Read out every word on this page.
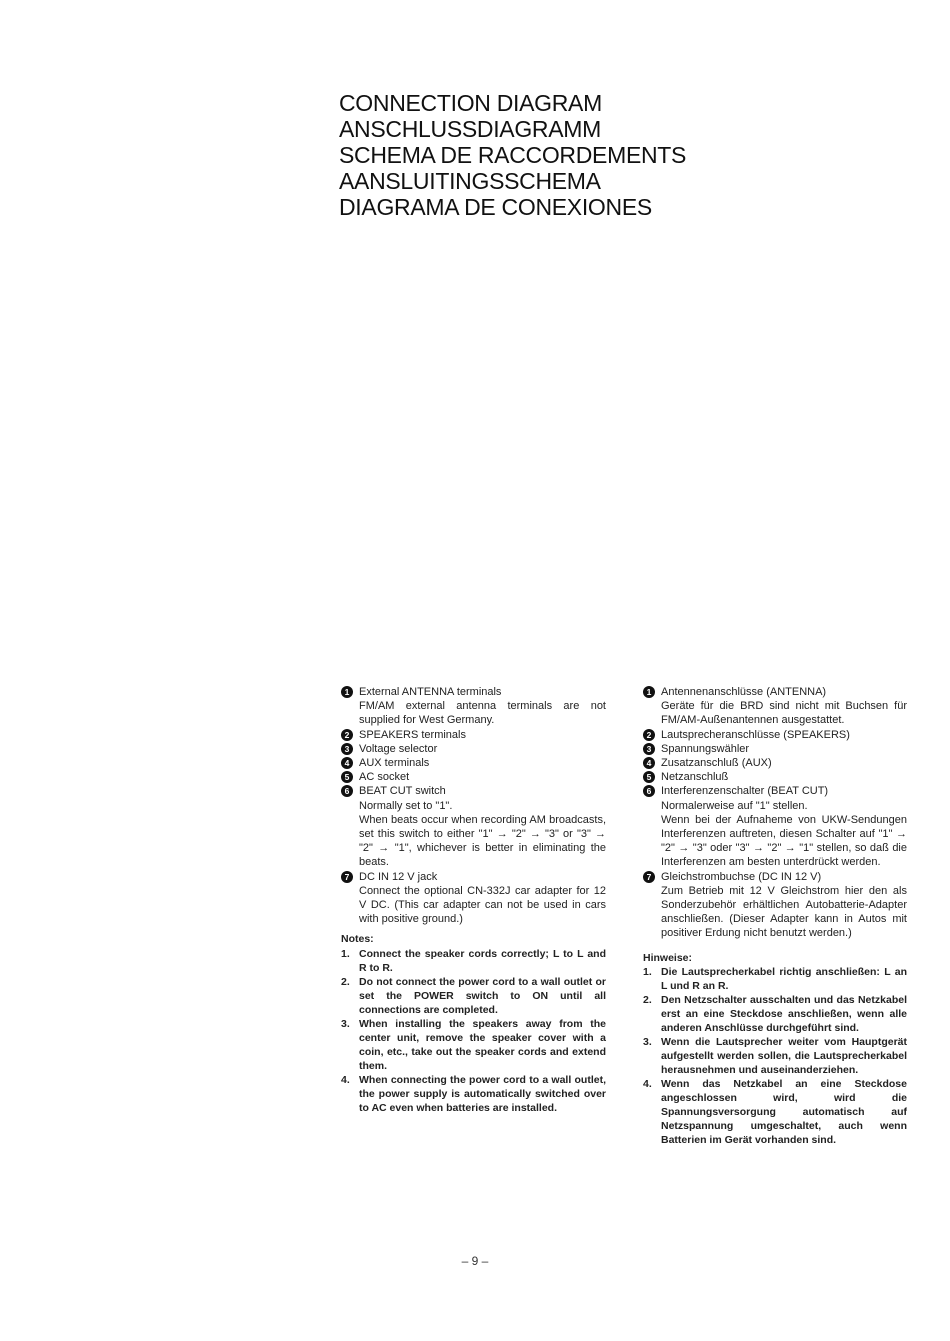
CONNECTION DIAGRAM
ANSCHLUSSDIAGRAMM
SCHEMA DE RACCORDEMENTS
AANSLUITINGSSCHEMA
DIAGRAMA DE CONEXIONES
1 External ANTENNA terminals
FM/AM external antenna terminals are not supplied for West Germany.
2 SPEAKERS terminals
3 Voltage selector
4 AUX terminals
5 AC socket
6 BEAT CUT switch
Normally set to "1".
When beats occur when recording AM broadcasts, set this switch to either "1" → "2" → "3" or "3" → "2" → "1", whichever is better in eliminating the beats.
7 DC IN 12 V jack
Connect the optional CN-332J car adapter for 12 V DC. (This car adapter can not be used in cars with positive ground.)
Notes:
1. Connect the speaker cords correctly; L to L and R to R.
2. Do not connect the power cord to a wall outlet or set the POWER switch to ON until all connections are completed.
3. When installing the speakers away from the center unit, remove the speaker cover with a coin, etc., take out the speaker cords and extend them.
4. When connecting the power cord to a wall outlet, the power supply is automatically switched over to AC even when batteries are installed.
1 Antennenanschlüsse (ANTENNA)
Geräte für die BRD sind nicht mit Buchsen für FM/AM-Außenantennen ausgestattet.
2 Lautsprecheranschlüsse (SPEAKERS)
3 Spannungswähler
4 Zusatzanschluß (AUX)
5 Netzanschluß
6 Interferenzenschalter (BEAT CUT)
Normalerweise auf "1" stellen.
Wenn bei der Aufnaheme von UKW-Sendungen Interferenzen auftreten, diesen Schalter auf "1" → "2" → "3" oder "3" → "2" → "1" stellen, so daß die Interferenzen am besten unterdrückt werden.
7 Gleichstrombuchse (DC IN 12 V)
Zum Betrieb mit 12 V Gleichstrom hier den als Sonderzubehör erhältlichen Autobatterie-Adapter anschließen. (Dieser Adapter kann in Autos mit positiver Erdung nicht benutzt werden.)
Hinweise:
1. Die Lautsprecherkabel richtig anschließen: L an L und R an R.
2. Den Netzschalter ausschalten und das Netzkabel erst an eine Steckdose anschließen, wenn alle anderen Anschlüsse durchgeführt sind.
3. Wenn die Lautsprecher weiter vom Hauptgerät aufgestellt werden sollen, die Lautsprecherkabel herausnehmen und auseinanderziehen.
4. Wenn das Netzkabel an eine Steckdose angeschlossen wird, wird die Spannungsversorgung automatisch auf Netzspannung umgeschaltet, auch wenn Batterien im Gerät vorhanden sind.
– 9 –
